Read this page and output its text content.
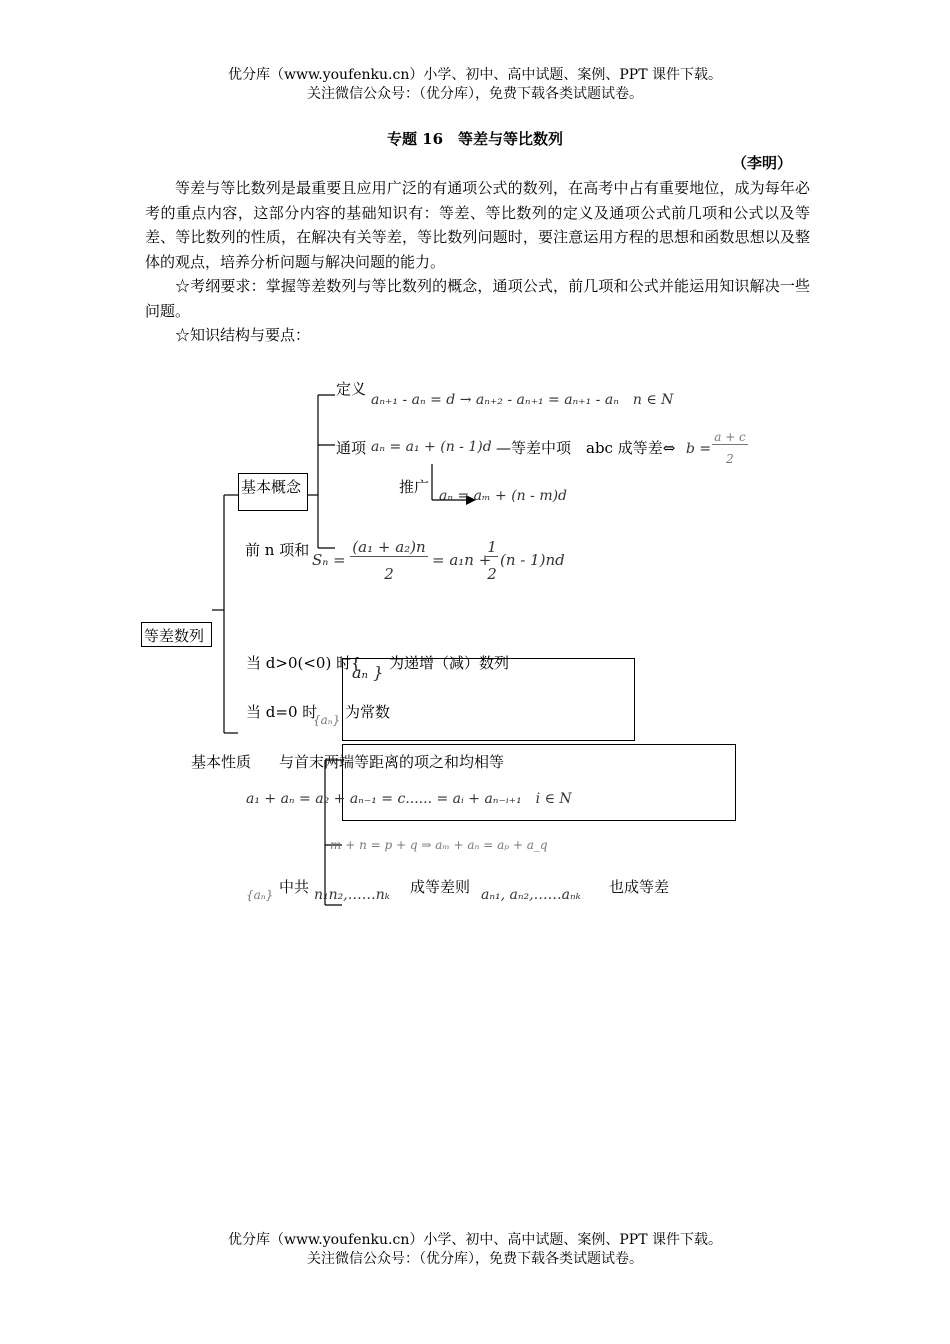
优分库（www.youfenku.cn）小学、初中、高中试题、案例、PPT 课件下载。
关注微信公众号：（优分库），免费下载各类试题试卷。
专题 16　等差与等比数列
（李明）

等差与等比数列是最重要且应用广泛的有通项公式的数列，在高考中占有重要地位，成为每年必考的重点内容，这部分内容的基础知识有：等差、等比数列的定义及通项公式前几项和公式以及等差、等比数列的性质，在解决有关等差，等比数列问题时，要注意运用方程的思想和函数思想以及整体的观点，培养分析问题与解决问题的能力。

☆考纲要求：掌握等差数列与等比数列的概念，通项公式，前几项和公式并能运用知识解决一些问题。

☆知识结构与要点：

等差数列
基本概念
定义
aₙ₊₁ - aₙ = d → aₙ₊₂ - aₙ₊₁ = aₙ₊₁ - aₙ　n ∈ N
通项 aₙ = a₁ + (n - 1)d —等差中项　abc 成等差⇔ b =
a + c
2
推广 aₙ = aₘ + (n - m)d
前 n 项和
Sₙ =
(a₁ + a₂)n
2
= a₁n +
1
2
(n - 1)nd
当 d>0(<0) 时{ 为递增（减）数列
aₙ }
当 d=0 时
{aₙ} 为常数
基本性质 与首末两端等距离的项之和均相等
a₁ + aₙ = a₂ + aₙ₋₁ = c...... = aᵢ + aₙ₋ᵢ₊₁　i ∈ N
m + n = p + q ⇒ aₘ + aₙ = aₚ + a_q
{aₙ} 中共 n₁n₂,……nₖ 成等差则 aₙ₁, aₙ₂,……aₙₖ 也成等差
优分库（www.youfenku.cn）小学、初中、高中试题、案例、PPT 课件下载。
关注微信公众号：（优分库），免费下载各类试题试卷。
